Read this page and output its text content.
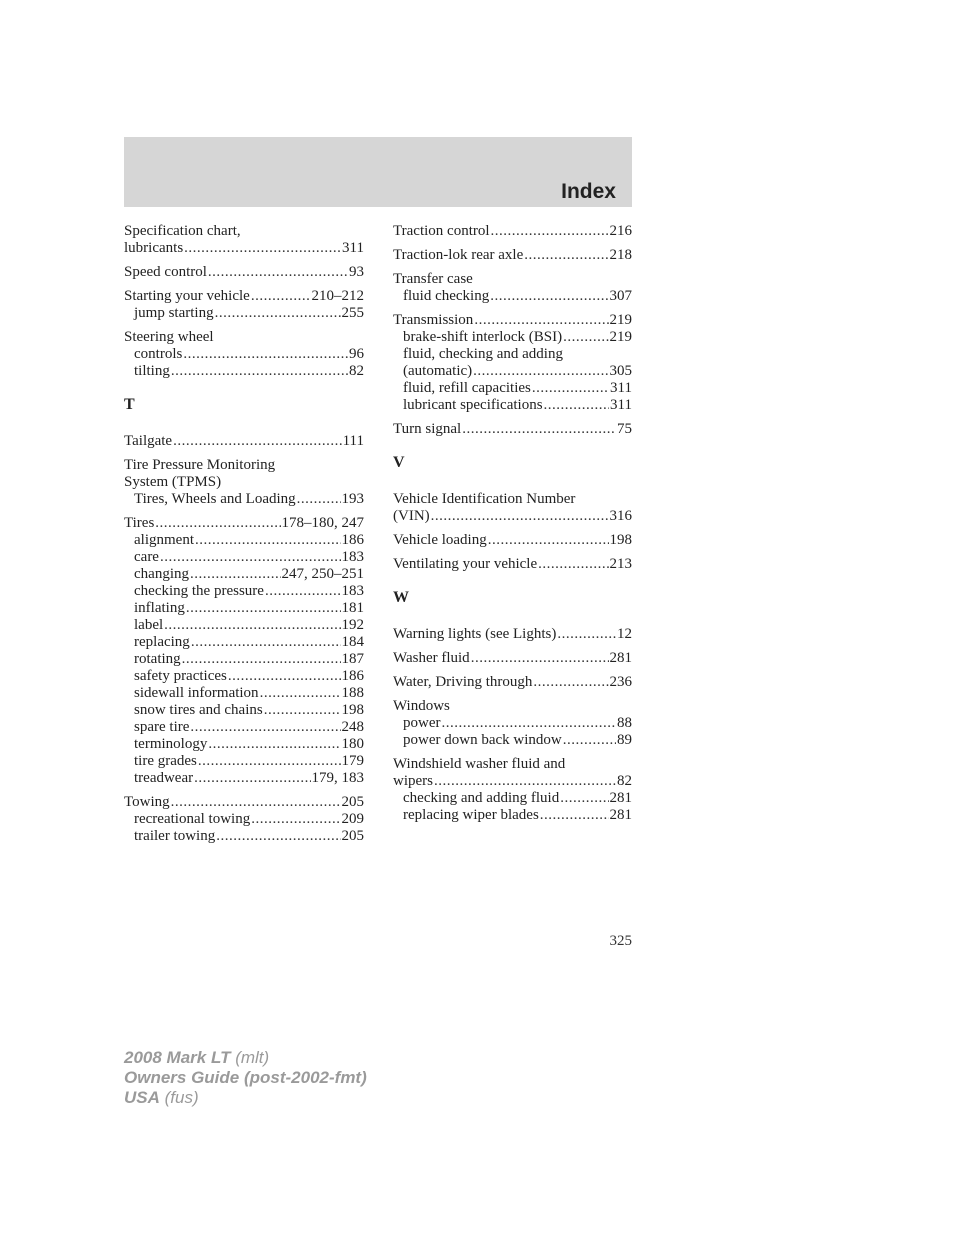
Index
Specification chart,
lubricants .....	311
Speed control .....	93
Starting your vehicle .....	210–212
jump starting .....	255
Steering wheel
controls .....	96
tilting .....	82
T
Tailgate .....	111
Tire Pressure Monitoring
System (TPMS)
Tires, Wheels and Loading .....	193
Tires .....	178–180, 247
alignment .....	186
care .....	183
changing .....	247, 250–251
checking the pressure .....	183
inflating .....	181
label .....	192
replacing .....	184
rotating .....	187
safety practices .....	186
sidewall information .....	188
snow tires and chains .....	198
spare tire .....	248
terminology .....	180
tire grades .....	179
treadwear .....	179, 183
Towing .....	205
recreational towing .....	209
trailer towing .....	205
Traction control .....	216
Traction-lok rear axle .....	218
Transfer case
fluid checking .....	307
Transmission .....	219
brake-shift interlock (BSI) .....	219
fluid, checking and adding
(automatic) .....	305
fluid, refill capacities .....	311
lubricant specifications .....	311
Turn signal .....	75
V
Vehicle Identification Number
(VIN) .....	316
Vehicle loading .....	198
Ventilating your vehicle .....	213
W
Warning lights (see Lights) .....	12
Washer fluid .....	281
Water, Driving through .....	236
Windows
power .....	88
power down back window .....	89
Windshield washer fluid and
wipers .....	82
checking and adding fluid .....	281
replacing wiper blades .....	281
325
2008 Mark LT (mlt)
Owners Guide (post-2002-fmt)
USA (fus)
